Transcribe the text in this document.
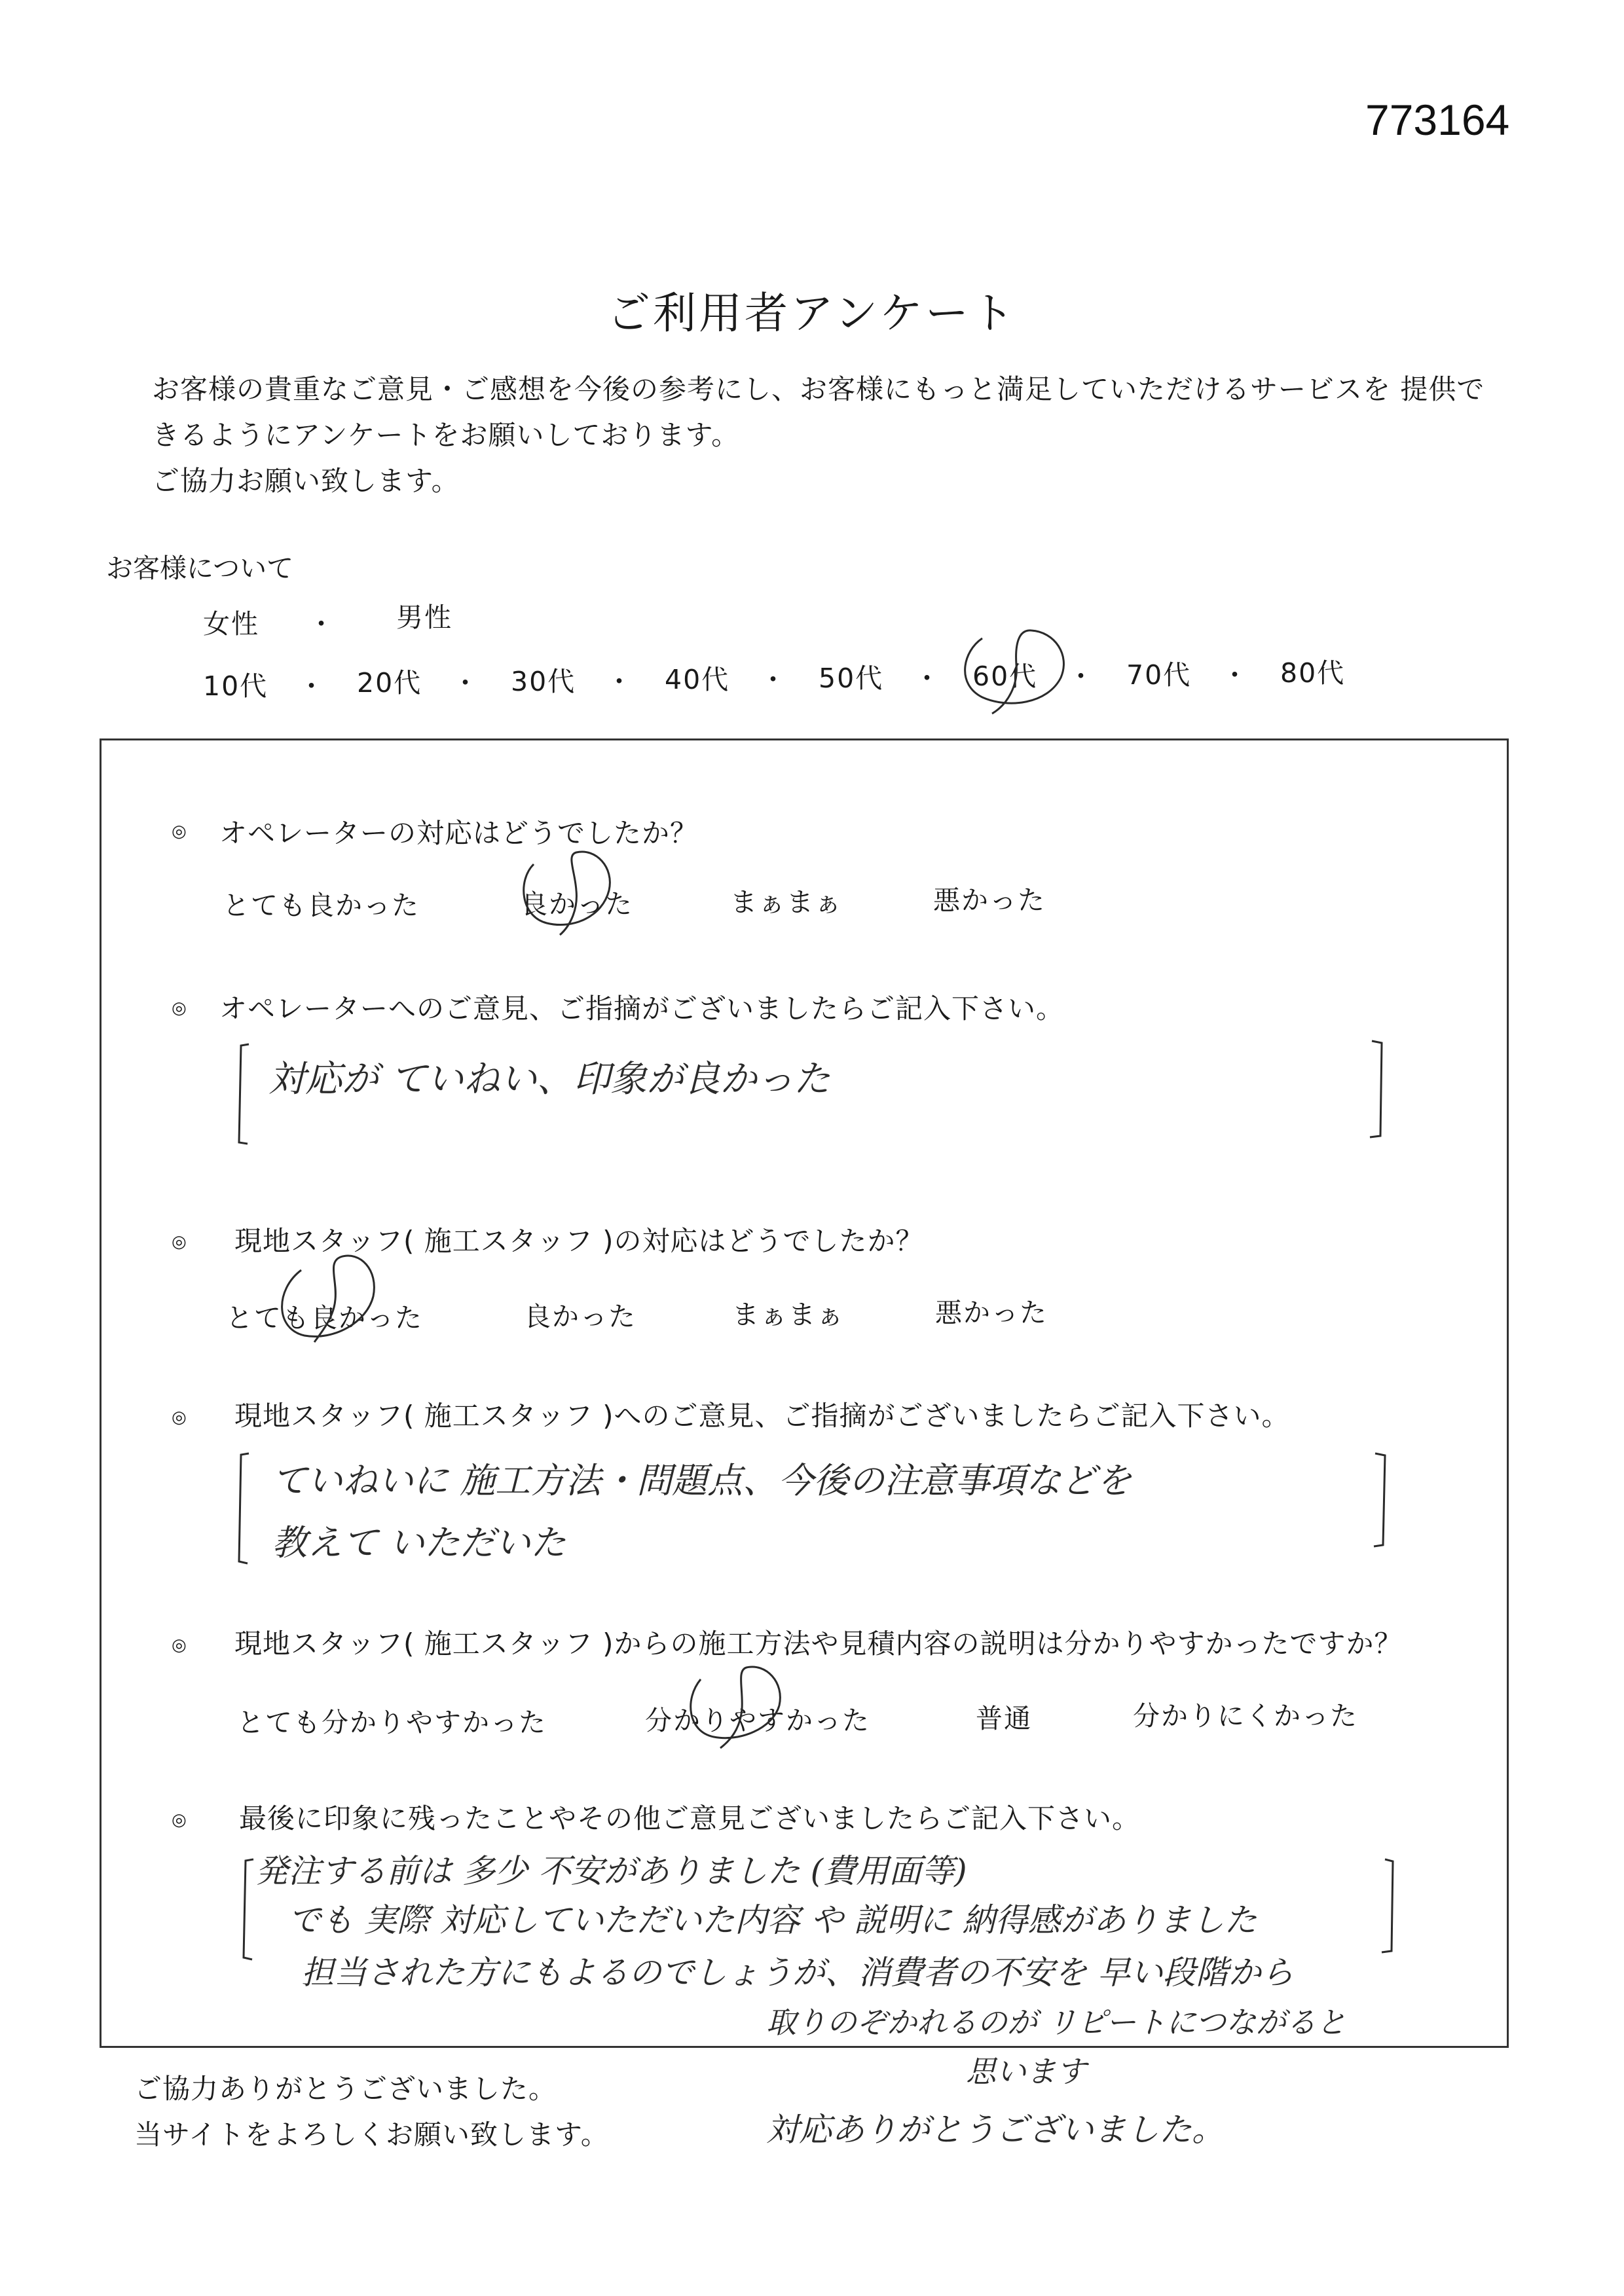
773164
ご利用者アンケート
お客様の貴重なご意見・ご感想を今後の参考にし、お客様にもっと満足していただけるサービスを 提供で
きるようにアンケートをお願いしております。
ご協力お願い致します。
お客様について
女性 ・ 男性
10代 ・ 20代 ・ 30代 ・ 40代 ・ 50代 ・ 60代 ・ 70代 ・ 80代
◎ オペレーターの対応はどうでしたか？
とても良かった	良かった	まぁまぁ	悪かった
◎ オペレーターへのご意見、ご指摘がございましたらご記入下さい。
対応が ていねい、印象が良かった
◎ 現地スタッフ( 施工スタッフ )の対応はどうでしたか？
とても良かった	良かった	まぁまぁ	悪かった
◎ 現地スタッフ( 施工スタッフ )へのご意見、ご指摘がございましたらご記入下さい。
ていねいに 施工方法・問題点、今後の注意事項などを
教えて いただいた
◎ 現地スタッフ( 施工スタッフ )からの施工方法や見積内容の説明は分かりやすかったですか？
とても分かりやすかった	分かりやすかった	普通	分かりにくかった
◎ 最後に印象に残ったことやその他ご意見ございましたらご記入下さい。
発注する前は 多少 不安がありました (費用面等)
でも 実際 対応していただいた内容 や 説明に 納得感がありました
担当された方にもよるのでしょうが、消費者の不安を 早い段階から
取りのぞかれるのが リピートにつながると
思います
対応ありがとうございました。
ご協力ありがとうございました。
当サイトをよろしくお願い致します。
